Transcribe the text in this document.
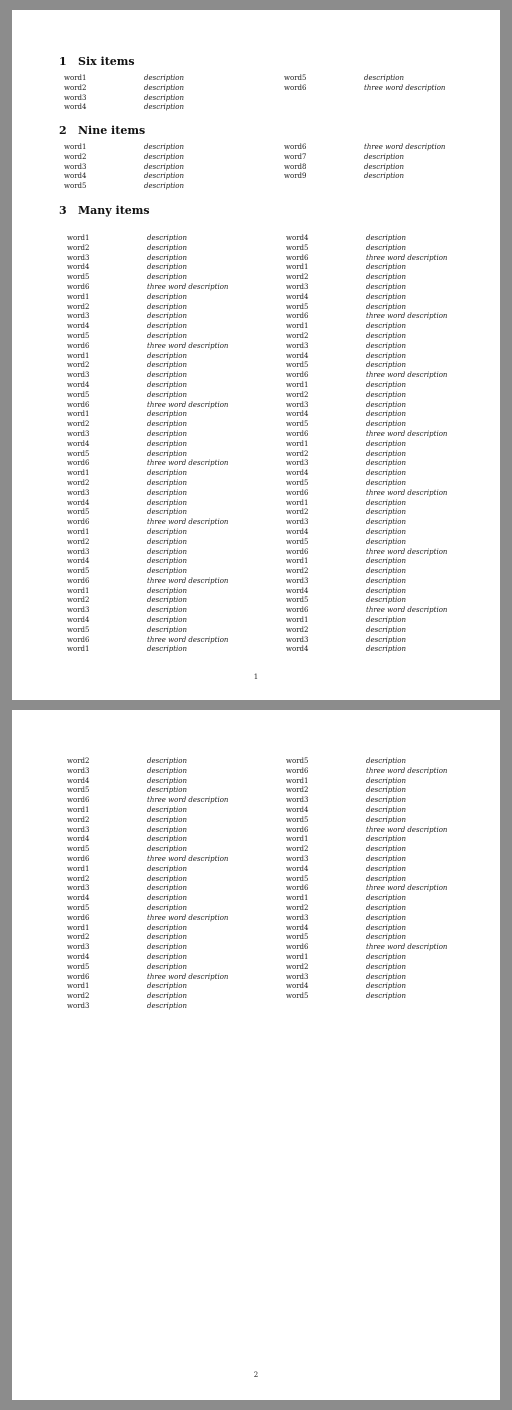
1 Six items
word1	description	word5	description
word2	description	word6	three word description
word3	description
word4	description
2 Nine items
word1	description	word6	three word description
word2	description	word7	description
word3	description	word8	description
word4	description	word9	description
word5	description
3 Many items
word1	description	word4	description
word2	description	word5	description
word3	description	word6	three word description
word4	description	word1	description
word5	description	word2	description
word6	three word description	word3	description
word1	description	word4	description
word2	description	word5	description
word3	description	word6	three word description
word4	description	word1	description
word5	description	word2	description
word6	three word description	word3	description
word1	description	word4	description
word2	description	word5	description
word3	description	word6	three word description
word4	description	word1	description
word5	description	word2	description
word6	three word description	word3	description
word1	description	word4	description
word2	description	word5	description
word3	description	word6	three word description
word4	description	word1	description
word5	description	word2	description
word6	three word description	word3	description
word1	description	word4	description
word2	description	word5	description
word3	description	word6	three word description
word4	description	word1	description
word5	description	word2	description
word6	three word description	word3	description
word1	description	word4	description
word2	description	word5	description
word3	description	word6	three word description
word4	description	word1	description
word5	description	word2	description
word6	three word description	word3	description
word1	description	word4	description
word2	description	word5	description
word3	description	word6	three word description
word4	description	word1	description
word5	description	word2	description
word6	three word description	word3	description
word1	description	word4	description
1
word2	description	word5	description
word3	description	word6	three word description
word4	description	word1	description
word5	description	word2	description
word6	three word description	word3	description
word1	description	word4	description
word2	description	word5	description
word3	description	word6	three word description
word4	description	word1	description
word5	description	word2	description
word6	three word description	word3	description
word1	description	word4	description
word2	description	word5	description
word3	description	word6	three word description
word4	description	word1	description
word5	description	word2	description
word6	three word description	word3	description
word1	description	word4	description
word2	description	word5	description
word3	description	word6	three word description
word4	description	word1	description
word5	description	word2	description
word6	three word description	word3	description
word1	description	word4	description
word2	description	word5	description
word3	description
2
